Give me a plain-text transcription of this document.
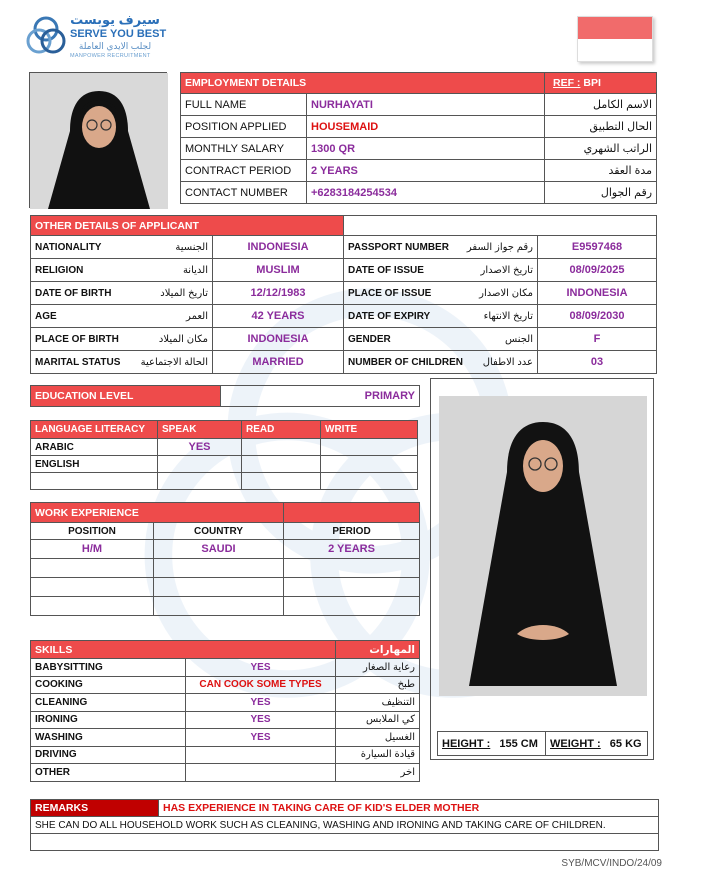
سيرف يوبست
SERVE YOU BEST
لجلب الايدي العاملة
MANPOWER RECRUITMENT
EMPLOYMENT DETAILS		REF : BPI
FULL NAME	NURHAYATI	الاسم الكامل
POSITION APPLIED	HOUSEMAID	الحال التطبيق
MONTHLY SALARY	1300 QR	الراتب الشهري
CONTRACT PERIOD	2 YEARS	مدة العقد
CONTACT NUMBER	+6283184254534	رقم الجوال
OTHER DETAILS OF APPLICANT					
NATIONALITY	الجنسية	INDONESIA	PASSPORT NUMBER	رقم جواز السفر	E9597468
RELIGION	الديانة	MUSLIM	DATE OF ISSUE	تاريخ الاصدار	08/09/2025
DATE OF BIRTH	تاريخ الميلاد	12/12/1983	PLACE OF ISSUE	مكان الاصدار	INDONESIA
AGE	العمر	42 YEARS	DATE OF EXPIRY	تاريخ الانتهاء	08/09/2030
PLACE OF BIRTH	مكان الميلاد	INDONESIA	GENDER	الجنس	F
MARITAL STATUS	الحالة الاجتماعية	MARRIED	NUMBER OF CHILDREN	عدد الاطفال	03
EDUCATION LEVEL	PRIMARY
LANGUAGE LITERACY	SPEAK	READ	WRITE
ARABIC	YES		
ENGLISH			

WORK EXPERIENCE		
POSITION	COUNTRY	PERIOD
H/M	SAUDI	2 YEARS

SKILLS		المهارات
BABYSITTING	YES	رعاية الصغار
COOKING	CAN COOK SOME TYPES	طبخ
CLEANING	YES	التنظيف
IRONING	YES	كي الملابس
WASHING	YES	الغسيل
DRIVING		قيادة السيارة
OTHER		اخر
HEIGHT : 155 CM	WEIGHT : 65 KG
REMARKS	HAS EXPERIENCE IN TAKING CARE OF KID'S ELDER MOTHER
SHE CAN DO ALL HOUSEHOLD WORK SUCH AS CLEANING, WASHING AND IRONING AND TAKING CARE OF CHILDREN.

SYB/MCV/INDO/24/09
